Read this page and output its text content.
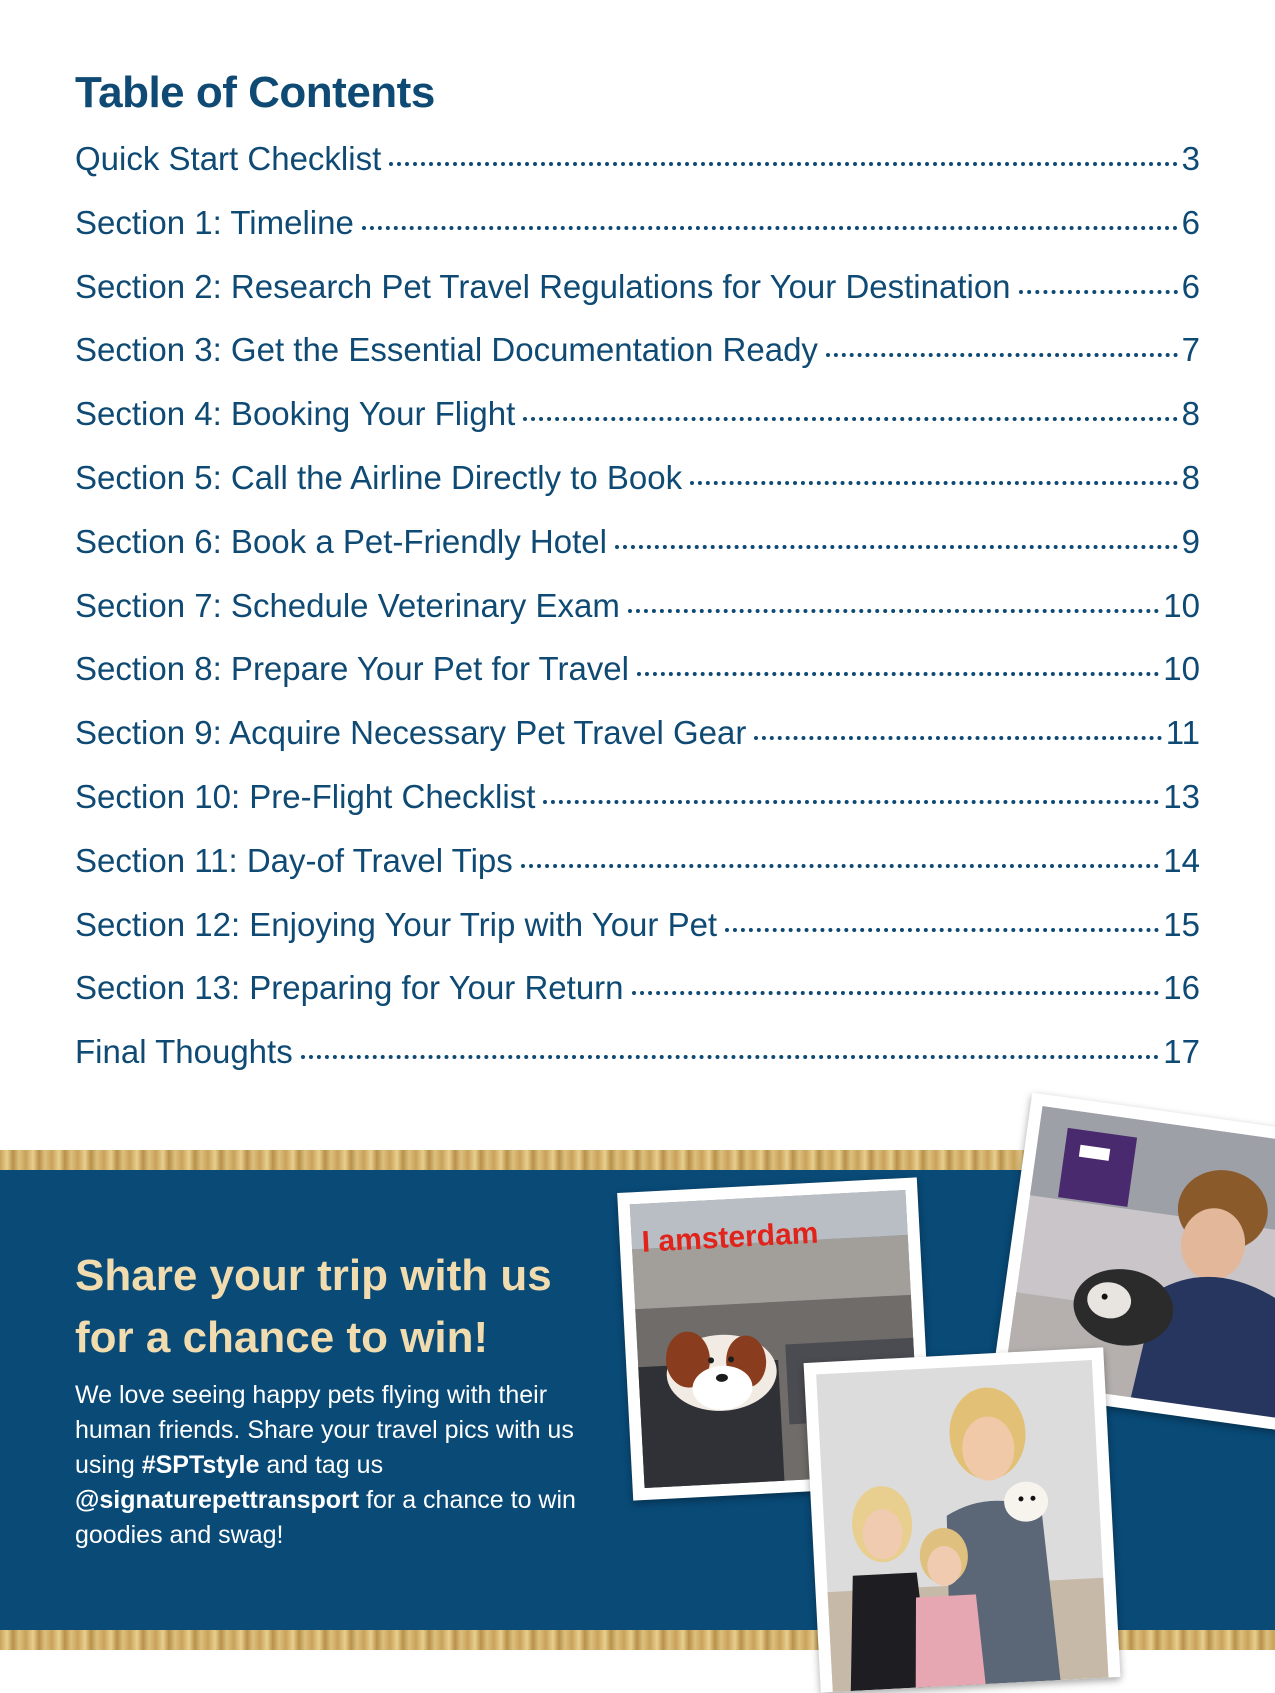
Table of Contents
Quick Start Checklist	3
Section 1: Timeline	6
Section 2: Research Pet Travel Regulations for Your Destination	6
Section 3: Get the Essential Documentation Ready	7
Section 4: Booking Your Flight	8
Section 5: Call the Airline Directly to Book	8
Section 6: Book a Pet-Friendly Hotel	9
Section 7: Schedule Veterinary Exam	10
Section 8: Prepare Your Pet for Travel	10
Section 9: Acquire Necessary Pet Travel Gear	11
Section 10: Pre-Flight Checklist	13
Section 11: Day-of Travel Tips	14
Section 12: Enjoying Your Trip with Your Pet	15
Section 13: Preparing for Your Return	16
Final Thoughts	17
Share your trip with us for a chance to win!

We love seeing happy pets flying with their human friends. Share your travel pics with us using #SPTstyle and tag us @signaturepettransport for a chance to win goodies and swag!

I amsterdam
